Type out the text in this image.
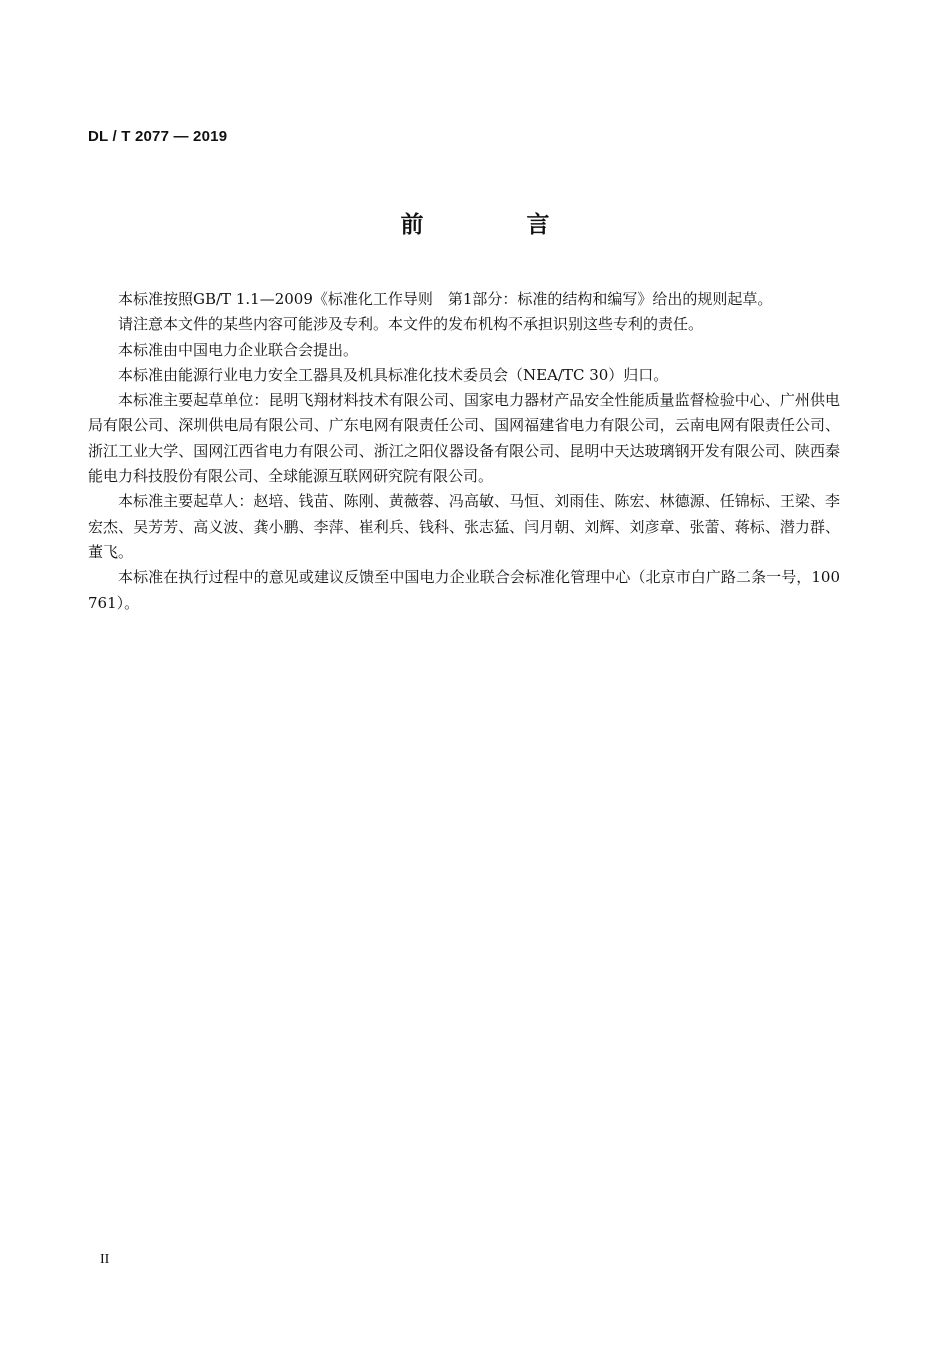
DL / T 2077 — 2019
前　言

本标准按照GB/T 1.1—2009《标准化工作导则　第1部分：标准的结构和编写》给出的规则起草。

请注意本文件的某些内容可能涉及专利。本文件的发布机构不承担识别这些专利的责任。

本标准由中国电力企业联合会提出。

本标准由能源行业电力安全工器具及机具标准化技术委员会（NEA/TC 30）归口。

本标准主要起草单位：昆明飞翔材料技术有限公司、国家电力器材产品安全性能质量监督检验中心、广州供电局有限公司、深圳供电局有限公司、广东电网有限责任公司、国网福建省电力有限公司，云南电网有限责任公司、浙江工业大学、国网江西省电力有限公司、浙江之阳仪器设备有限公司、昆明中天达玻璃钢开发有限公司、陕西秦能电力科技股份有限公司、全球能源互联网研究院有限公司。

本标准主要起草人：赵培、钱苗、陈刚、黄薇蓉、冯高敏、马恒、刘雨佳、陈宏、林德源、任锦标、王梁、李宏杰、吴芳芳、高义波、龚小鹏、李萍、崔利兵、钱科、张志猛、闫月朝、刘辉、刘彦章、张蕾、蒋标、潜力群、董飞。

本标准在执行过程中的意见或建议反馈至中国电力企业联合会标准化管理中心（北京市白广路二条一号，100761）。

II
